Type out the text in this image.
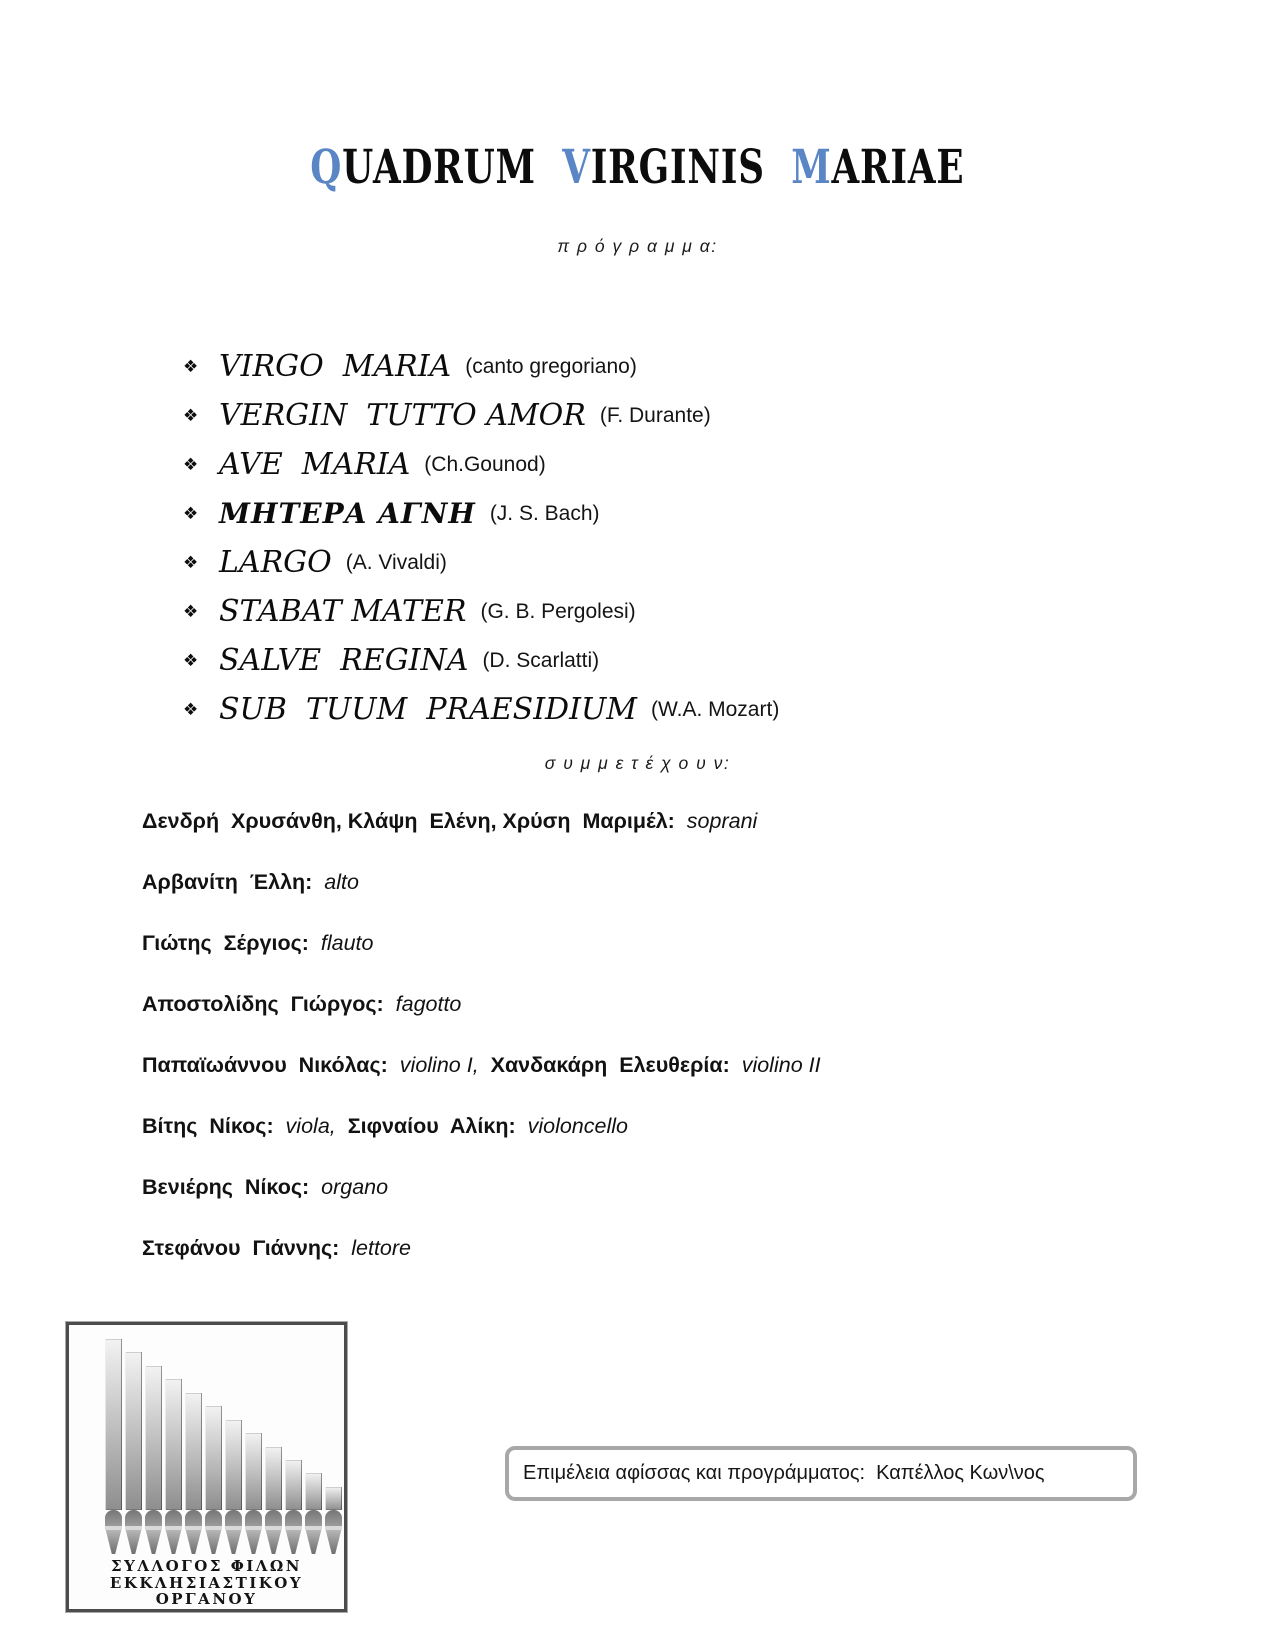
QUADRUM  VIRGINIS  MARIAE
π ρ ό γ ρ α μ μ α:
❖ VIRGO  MARIA (canto gregoriano)
❖ VERGIN  TUTTO AMOR (F. Durante)
❖ AVE  MARIA (Ch.Gounod)
❖ ΜΗΤΕΡΑ ΑΓΝΗ (J. S. Bach)
❖ LARGO (A. Vivaldi)
❖ STABAT MATER (G. B. Pergolesi)
❖ SALVE  REGINA (D. Scarlatti)
❖ SUB  TUUM  PRAESIDIUM (W.A. Mozart)
σ υ μ μ ε τ έ χ ο υ ν:

Δενδρή  Χρυσάνθη, Κλάψη  Ελένη, Χρύση  Μαριμέλ:  soprani

Αρβανίτη  Έλλη:  alto

Γιώτης  Σέργιος:  flauto

Αποστολίδης  Γιώργος:  fagotto

Παπαϊωάννου  Νικόλας:  violino I,  Χανδακάρη  Ελευθερία:  violino II

Βίτης  Νίκος:  viola,  Σιφναίου  Αλίκη:  violoncello

Βενιέρης  Νίκος:  organo

Στεφάνου  Γιάννης:  lettore

ΣΥΛΛΟΓΟΣ ΦΙΛΩΝ
ΕΚΚΛΗΣΙΑΣΤΙΚΟΥ
ΟΡΓΑΝΟΥ
Επιμέλεια αφίσσας και προγράμματος:  Καπέλλος Κων\νος
